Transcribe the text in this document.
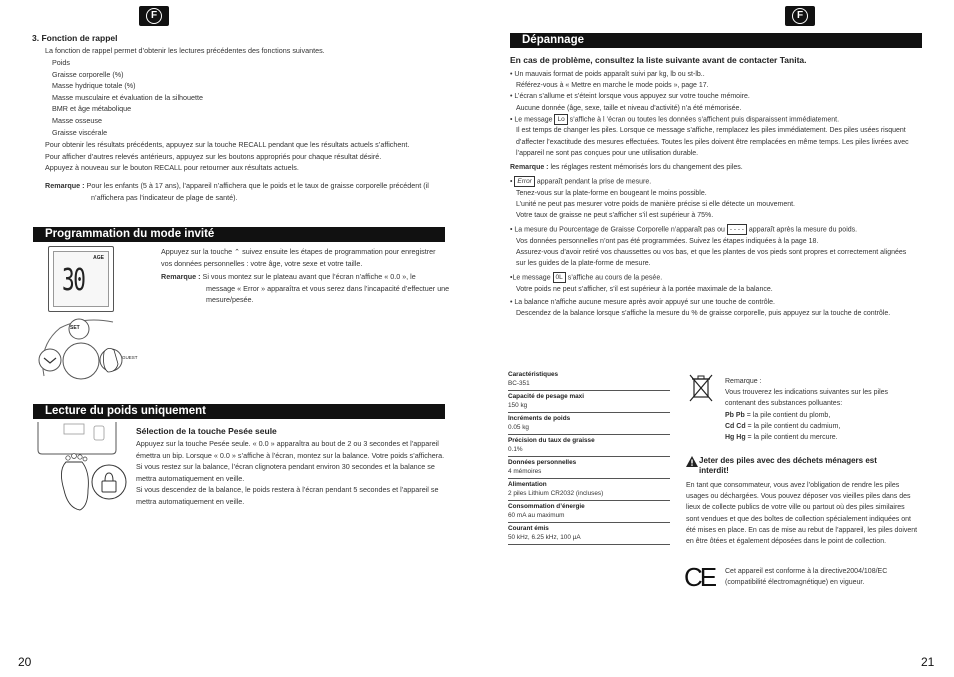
F
3. Fonction de rappel
La fonction de rappel permet d’obtenir les lectures précédentes des fonctions suivantes.
Poids
Graisse corporelle (%)
Masse hydrique totale (%)
Masse musculaire et évaluation de la silhouette
BMR et âge métabolique
Masse osseuse
Graisse viscérale
Pour obtenir les résultats précédents, appuyez sur la touche RECALL pendant que les résultats actuels s’affichent.
Pour afficher d’autres relevés antérieurs, appuyez sur les boutons appropriés pour chaque résultat désiré.
Appuyez à nouveau sur le bouton RECALL pour retourner aux résultats actuels.
Remarque : Pour les enfants (5 à 17 ans), l’appareil n’affichera que le poids et le taux de graisse corporelle précédent (il
n’affichera pas l’indicateur de plage de santé).
Programmation du mode invité
AGE
30
SET
GUEST
Appuyez sur la touche ⌃ suivez ensuite les étapes de programmation pour enregistrer
vos données personnelles : votre âge, votre sexe et votre taille.
Remarque : Si vous montez sur le plateau avant que l’écran n’affiche « 0.0 », le
message « Error » apparaîtra et vous serez dans l’incapacité d’effectuer une
mesure/pesée.
Lecture du poids uniquement
Sélection de la touche Pesée seule
Appuyez sur la touche Pesée seule. « 0.0 » apparaîtra au bout de 2 ou 3 secondes et l’appareil
émettra un bip. Lorsque « 0.0 » s’affiche à l’écran, montez sur la balance. Votre poids s’affichera.
Si vous restez sur la balance, l’écran clignotera pendant environ 30 secondes et la balance se
mettra automatiquement en veille.
Si vous descendez de la balance, le poids restera à l’écran pendant 5 secondes et l’appareil se
mettra automatiquement en veille.
20
F
Dépannage
En cas de problème, consultez la liste suivante avant de contacter Tanita.
• Un mauvais format de poids apparaît suivi par kg, lb ou st-lb..
Référez-vous à « Mettre en marche le mode poids », page 17.
• L’écran s’allume et s’éteint lorsque vous appuyez sur votre touche mémoire.
Aucune donnée (âge, sexe, taille et niveau d’activité) n’a été mémorisée.
• Le message Lo s’affiche à l ’écran ou toutes les données s’affichent puis disparaissent immédiatement.
Il est temps de changer les piles. Lorsque ce message s’affiche, remplacez les piles immédiatement. Des piles usées risquent
d’affecter l’exactitude des mesures effectuées. Toutes les piles doivent être remplacées en même temps. Les piles livrées avec
l’appareil ne sont pas conçues pour une utilisation durable.
Remarque : les réglages restent mémorisés lors du changement des piles.
• Error apparaît pendant la prise de mesure.
Tenez-vous sur la plate-forme en bougeant le moins possible.
L’unité ne peut pas mesurer votre poids de manière précise si elle détecte un mouvement.
Votre taux de graisse ne peut s’afficher s’il est supérieur à 75%.
• La mesure du Pourcentage de Graisse Corporelle n’apparaît pas ou - - - - apparaît après la mesure du poids.
Vos données personnelles n’ont pas été programmées. Suivez les étapes indiquées à la page 18.
Assurez-vous d’avoir retiré vos chaussettes ou vos bas, et que les plantes de vos pieds sont propres et correctement alignées
sur les guides de la plate-forme de mesure.
•Le message 0L s’affiche au cours de la pesée.
Votre poids ne peut s’afficher, s’il est supérieur à la portée maximale de la balance.
• La balance n’affiche aucune mesure après avoir appuyé sur une touche de contrôle.
Descendez de la balance lorsque s’affiche la mesure du % de graisse corporelle, puis appuyez sur la touche de contrôle.
Caractéristiques
BC-351
Capacité de pesage maxi
150 kg
Incréments de poids
0.05 kg
Précision du taux de graisse
0.1%
Données personnelles
4 mémoires
Alimentation
2 piles Lithium CR2032 (incluses)
Consommation d’énergie
60 mA au maximum
Courant émis
50 kHz, 6.25 kHz, 100 µA
Remarque :
Vous trouverez les indications suivantes sur les piles
contenant des substances polluantes:
Pb Pb = la pile contient du plomb,
Cd Cd = la pile contient du cadmium,
Hg Hg = la pile contient du mercure.
Jeter des piles avec des déchets ménagers est
interdit!
En tant que consommateur, vous avez l’obligation de rendre les piles
usages ou déchargées. Vous pouvez déposer vos vieilles piles dans des
lieux de collecte publics de votre ville ou partout où des piles similaires
sont vendues et que des boîtes de collection spécialement indiquées ont
été mises en place. En cas de mise au rebut de l’appareil, les piles doivent
en être ôtées et également déposées dans le point de collection.
CE Cet appareil est conforme à la directive2004/108/EC
(compatibilité électromagnétique) en vigueur.
21
